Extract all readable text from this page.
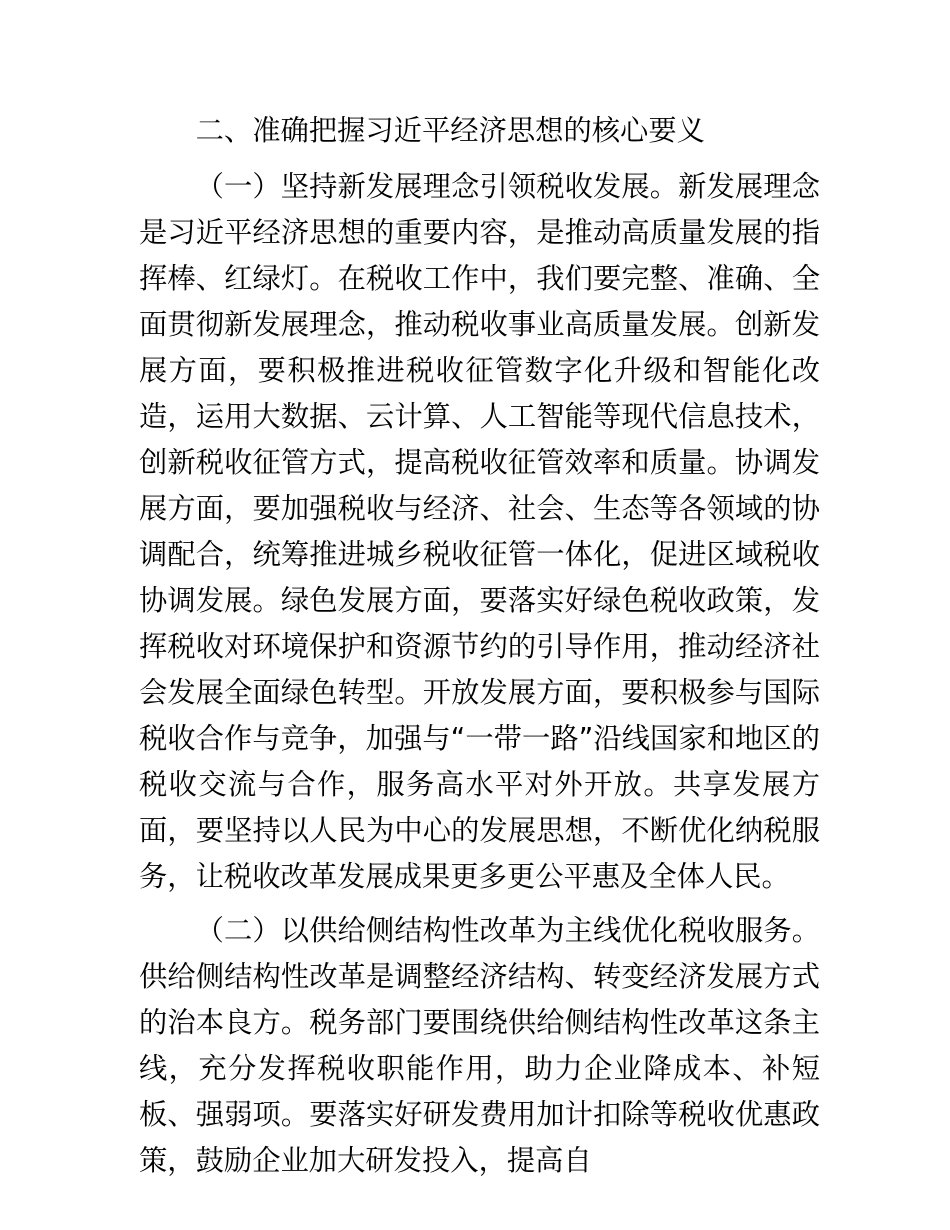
二、准确把握习近平经济思想的核心要义

（一）坚持新发展理念引领税收发展。新发展理念是习近平经济思想的重要内容，是推动高质量发展的指挥棒、红绿灯。在税收工作中，我们要完整、准确、全面贯彻新发展理念，推动税收事业高质量发展。创新发展方面，要积极推进税收征管数字化升级和智能化改造，运用大数据、云计算、人工智能等现代信息技术，创新税收征管方式，提高税收征管效率和质量。协调发展方面，要加强税收与经济、社会、生态等各领域的协调配合，统筹推进城乡税收征管一体化，促进区域税收协调发展。绿色发展方面，要落实好绿色税收政策，发挥税收对环境保护和资源节约的引导作用，推动经济社会发展全面绿色转型。开放发展方面，要积极参与国际税收合作与竞争，加强与“一带一路”沿线国家和地区的税收交流与合作，服务高水平对外开放。共享发展方面，要坚持以人民为中心的发展思想，不断优化纳税服务，让税收改革发展成果更多更公平惠及全体人民。

（二）以供给侧结构性改革为主线优化税收服务。供给侧结构性改革是调整经济结构、转变经济发展方式的治本良方。税务部门要围绕供给侧结构性改革这条主线，充分发挥税收职能作用，助力企业降成本、补短板、强弱项。要落实好研发费用加计扣除等税收优惠政策，鼓励企业加大研发投入，提高自
